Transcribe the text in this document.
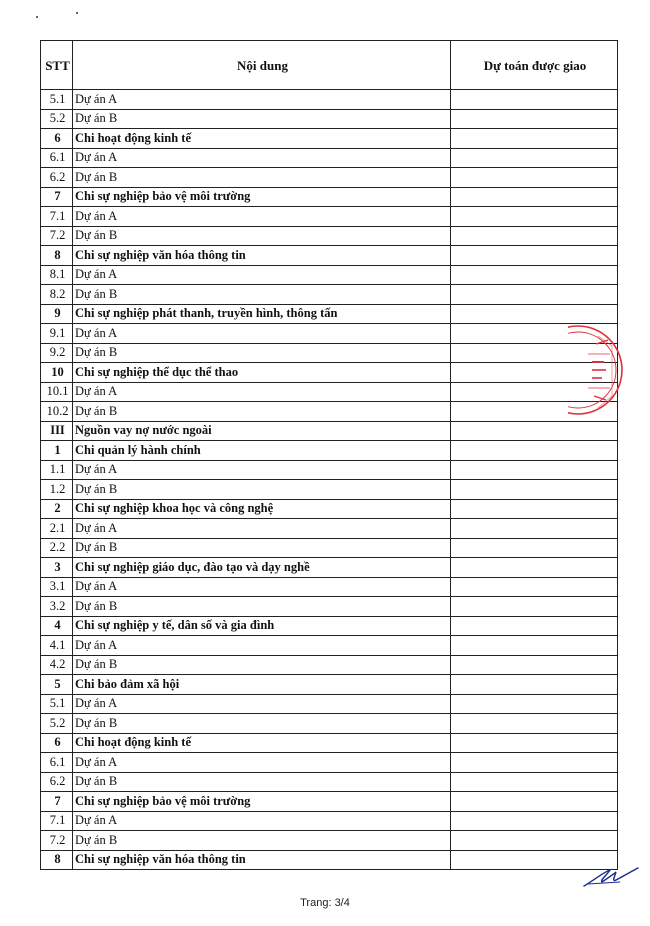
STT	Nội dung	Dự toán được giao
5.1	Dự án A	
5.2	Dự án B	
6	Chi hoạt động kinh tế	
6.1	Dự án A	
6.2	Dự án B	
7	Chi sự nghiệp bảo vệ môi trường	
7.1	Dự án A	
7.2	Dự án B	
8	Chi sự nghiệp văn hóa thông tin	
8.1	Dự án A	
8.2	Dự án B	
9	Chi sự nghiệp phát thanh, truyền hình, thông tấn	
9.1	Dự án A	
9.2	Dự án B	
10	Chi sự nghiệp thể dục thể thao	
10.1	Dự án A	
10.2	Dự án B	
III	Nguồn vay nợ nước ngoài	
1	Chi quản lý hành chính	
1.1	Dự án A	
1.2	Dự án B	
2	Chi sự nghiệp khoa học và công nghệ	
2.1	Dự án A	
2.2	Dự án B	
3	Chi sự nghiệp giáo dục, đào tạo và dạy nghề	
3.1	Dự án A	
3.2	Dự án B	
4	Chi sự nghiệp y tế, dân số và gia đình	
4.1	Dự án A	
4.2	Dự án B	
5	Chi bảo đảm xã hội	
5.1	Dự án A	
5.2	Dự án B	
6	Chi hoạt động kinh tế	
6.1	Dự án A	
6.2	Dự án B	
7	Chi sự nghiệp bảo vệ môi trường	
7.1	Dự án A	
7.2	Dự án B	
8	Chi sự nghiệp văn hóa thông tin	
Trang: 3/4
